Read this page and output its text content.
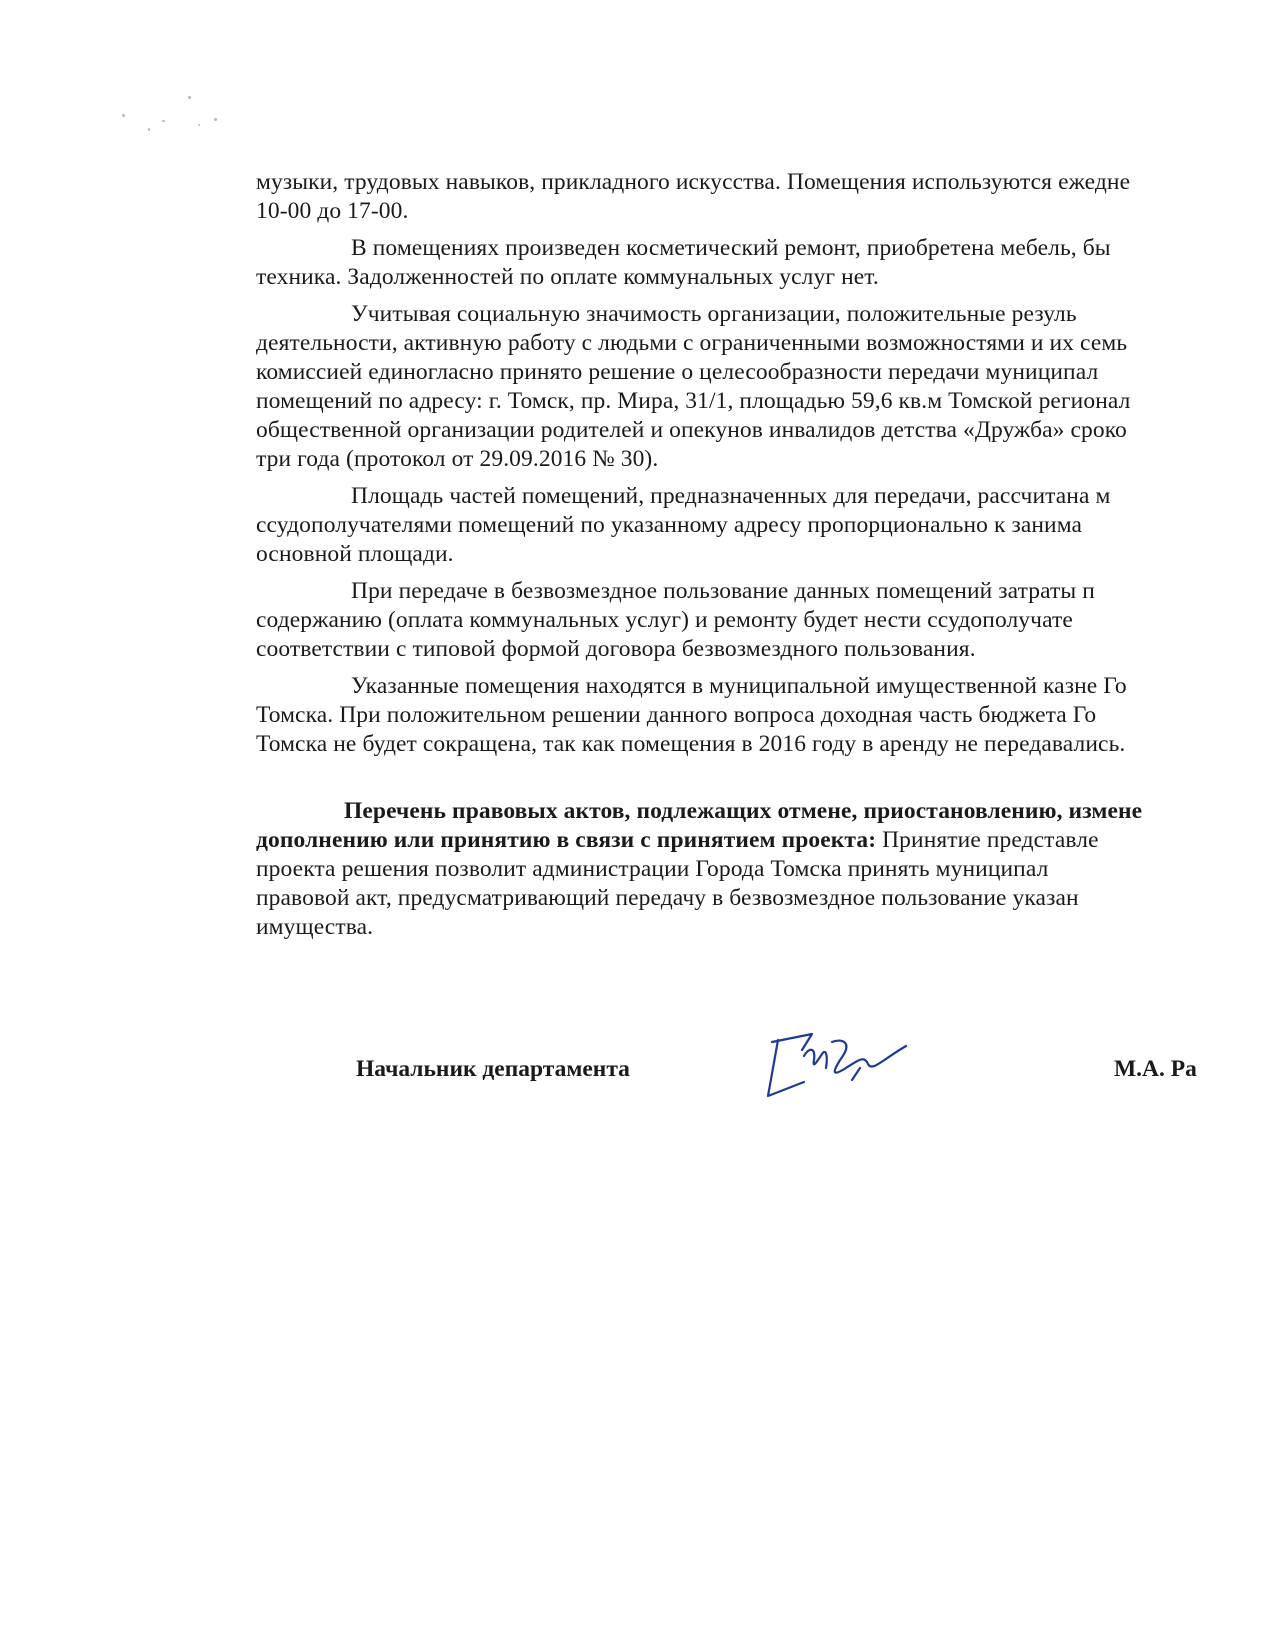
музыки, трудовых навыков, прикладного искусства. Помещения используются ежедне
10-00 до 17-00.
В помещениях произведен косметический ремонт, приобретена мебель, бы
техника. Задолженностей по оплате коммунальных услуг нет.
Учитывая социальную значимость организации, положительные резуль
деятельности, активную работу с людьми с ограниченными возможностями и их семь
комиссией единогласно принято решение о целесообразности передачи муниципал
помещений по адресу: г. Томск, пр. Мира, 31/1, площадью 59,6 кв.м Томской регионал
общественной организации родителей и опекунов инвалидов детства «Дружба» сроко
три года (протокол от 29.09.2016 № 30).
Площадь частей помещений, предназначенных для передачи, рассчитана м
ссудополучателями помещений по указанному адресу пропорционально к занима
основной площади.
При передаче в безвозмездное пользование данных помещений затраты п
содержанию (оплата коммунальных услуг) и ремонту будет нести ссудополучате
соответствии с типовой формой договора безвозмездного пользования.
Указанные помещения находятся в муниципальной имущественной казне Го
Томска. При положительном решении данного вопроса доходная часть бюджета Го
Томска не будет сокращена, так как помещения в 2016 году в аренду не передавались.
Перечень правовых актов, подлежащих отмене, приостановлению, измене
дополнению или принятию в связи с принятием проекта: Принятие представле
проекта решения позволит администрации Города Томска принять муниципал
правовой акт, предусматривающий передачу в безвозмездное пользование указан
имущества.
Начальник департамента	М.А. Ра
